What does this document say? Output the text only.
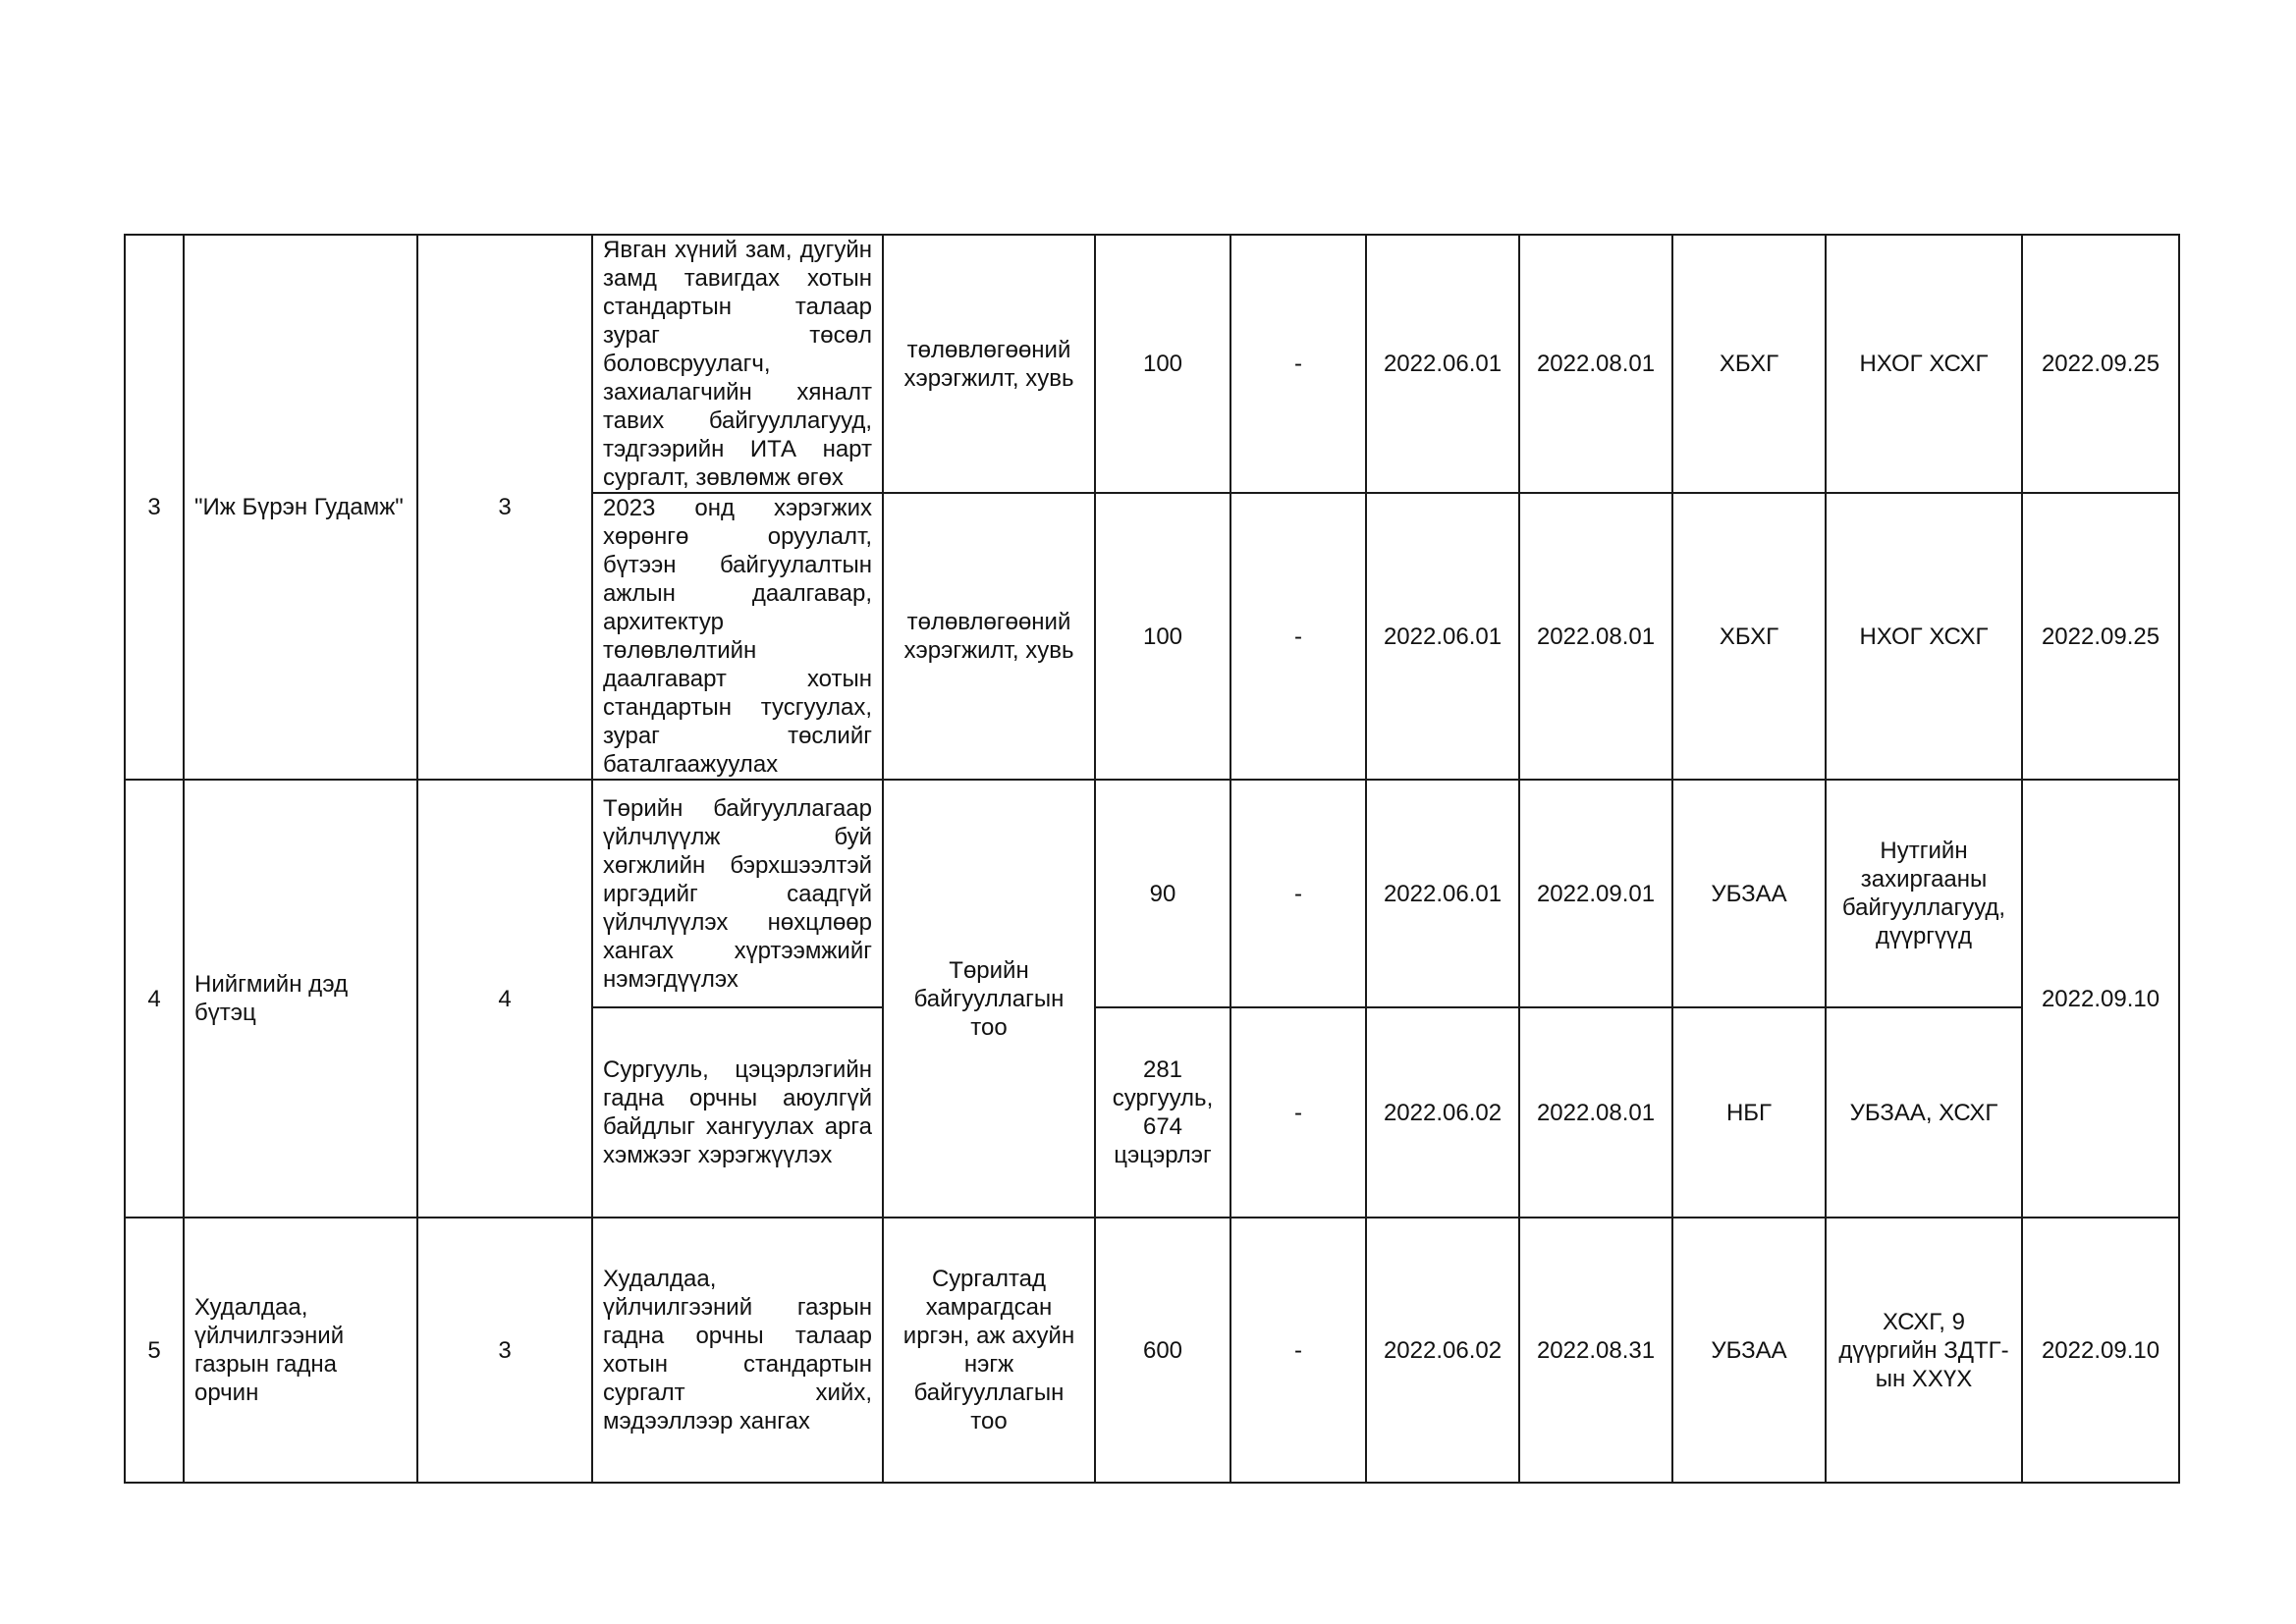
3	"Иж Бүрэн Гудамж"	3	Явган хүний зам, дугуйн замд тавигдах хотын стандартын талаар зураг төсөл боловсруулагч, захиалагчийн хяналт тавих байгууллагууд, тэдгээрийн ИТА нарт сургалт, зөвлөмж өгөх	төлөвлөгөөний хэрэгжилт, хувь	100	-	2022.06.01	2022.08.01	ХБХГ	НХОГ ХСХГ	2022.09.25
			2023 онд хэрэгжих хөрөнгө оруулалт, бүтээн байгуулалтын ажлын даалгавар, архитектур төлөвлөлтийн даалгаварт хотын стандартын тусгуулах, зураг төслийг баталгаажуулах	төлөвлөгөөний хэрэгжилт, хувь	100	-	2022.06.01	2022.08.01	ХБХГ	НХОГ ХСХГ	2022.09.25
4	Нийгмийн дэд бүтэц	4	Төрийн байгууллагаар үйлчлүүлж буй хөгжлийн бэрхшээлтэй иргэдийг саадгүй үйлчлүүлэх нөхцлөөр хангах хүртээмжийг нэмэгдүүлэх	Төрийн байгууллагын тоо	90	-	2022.06.01	2022.09.01	УБЗАА	Нутгийн захиргааны байгууллагууд, дүүргүүд	2022.09.10
			Сургууль, цэцэрлэгийн гадна орчны аюулгүй байдлыг хангуулах арга хэмжээг хэрэгжүүлэх		281 сургууль, 674 цэцэрлэг	-	2022.06.02	2022.08.01	НБГ	УБЗАА, ХСХГ	
5	Худалдаа, үйлчилгээний газрын гадна орчин	3	Худалдаа, үйлчилгээний газрын гадна орчны талаар хотын стандартын сургалт хийх, мэдээллээр хангах	Сургалтад хамрагдсан иргэн, аж ахуйн нэгж байгууллагын тоо	600	-	2022.06.02	2022.08.31	УБЗАА	ХСХГ, 9 дүүргийн ЗДТГ-ын ХХҮХ	2022.09.10
